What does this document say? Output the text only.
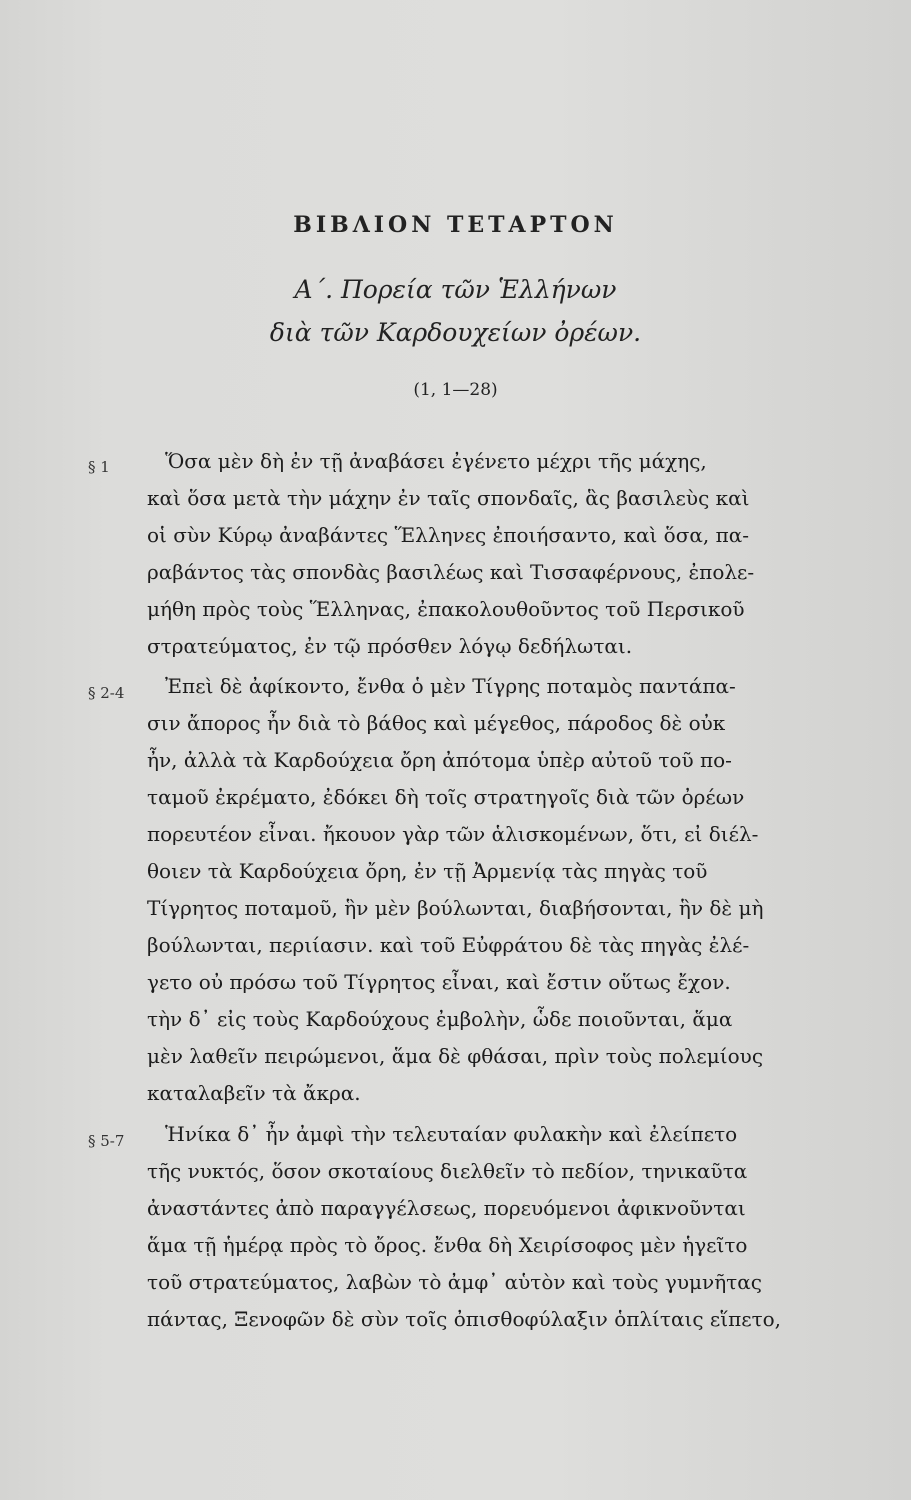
ΒΙΒΛΙΟΝ ΤΕΤΑΡΤΟΝ
Α΄. Πορεία τῶν Ἑλλήνων
διὰ τῶν Καρδουχείων ὀρέων.
(1, 1—28)
§ 1	Ὅσα μὲν δὴ ἐν τῇ ἀναβάσει ἐγένετο μέχρι τῆς μάχης,
καὶ ὅσα μετὰ τὴν μάχην ἐν ταῖς σπονδαῖς, ἃς βασιλεὺς καὶ
οἱ σὺν Κύρῳ ἀναβάντες Ἕλληνες ἐποιήσαντο, καὶ ὅσα, πα-
ραβάντος τὰς σπονδὰς βασιλέως καὶ Τισσαφέρνους, ἐπολε-
μήθη πρὸς τοὺς Ἕλληνας, ἐπακολουθοῦντος τοῦ Περσικοῦ
στρατεύματος, ἐν τῷ πρόσθεν λόγῳ δεδήλωται.
§ 2-4 Ἐπεὶ δὲ ἀφίκοντο, ἔνθα ὁ μὲν Τίγρης ποταμὸς παντάπα-
σιν ἄπορος ἦν διὰ τὸ βάθος καὶ μέγεθος, πάροδος δὲ οὐκ
ἦν, ἀλλὰ τὰ Καρδούχεια ὄρη ἀπότομα ὑπὲρ αὐτοῦ τοῦ πο-
ταμοῦ ἐκρέματο, ἐδόκει δὴ τοῖς στρατηγοῖς διὰ τῶν ὀρέων
πορευτέον εἶναι. ἤκουον γὰρ τῶν ἁλισκομένων, ὅτι, εἰ διέλ-
θοιεν τὰ Καρδούχεια ὄρη, ἐν τῇ Ἀρμενίᾳ τὰς πηγὰς τοῦ
Τίγρητος ποταμοῦ, ἣν μὲν βούλωνται, διαβήσονται, ἣν δὲ μὴ
βούλωνται, περιίασιν. καὶ τοῦ Εὐφράτου δὲ τὰς πηγὰς ἐλέ-
γετο οὐ πρόσω τοῦ Τίγρητος εἶναι, καὶ ἔστιν οὕτως ἔχον.
τὴν δ᾽ εἰς τοὺς Καρδούχους ἐμβολὴν, ὧδε ποιοῦνται, ἅμα
μὲν λαθεῖν πειρώμενοι, ἅμα δὲ φθάσαι, πρὶν τοὺς πολεμίους
καταλαβεῖν τὰ ἄκρα.
§ 5-7 Ἡνίκα δ᾽ ἦν ἀμφὶ τὴν τελευταίαν φυλακὴν καὶ ἐλείπετο
τῆς νυκτός, ὅσον σκοταίους διελθεῖν τὸ πεδίον, τηνικαῦτα
ἀναστάντες ἀπὸ παραγγέλσεως, πορευόμενοι ἀφικνοῦνται
ἅμα τῇ ἡμέρᾳ πρὸς τὸ ὄρος. ἔνθα δὴ Χειρίσοφος μὲν ἡγεῖτο
τοῦ στρατεύματος, λαβὼν τὸ ἀμφ᾽ αὑτὸν καὶ τοὺς γυμνῆτας
πάντας, Ξενοφῶν δὲ σὺν τοῖς ὀπισθοφύλαξιν ὁπλίταις εἵπετο,
